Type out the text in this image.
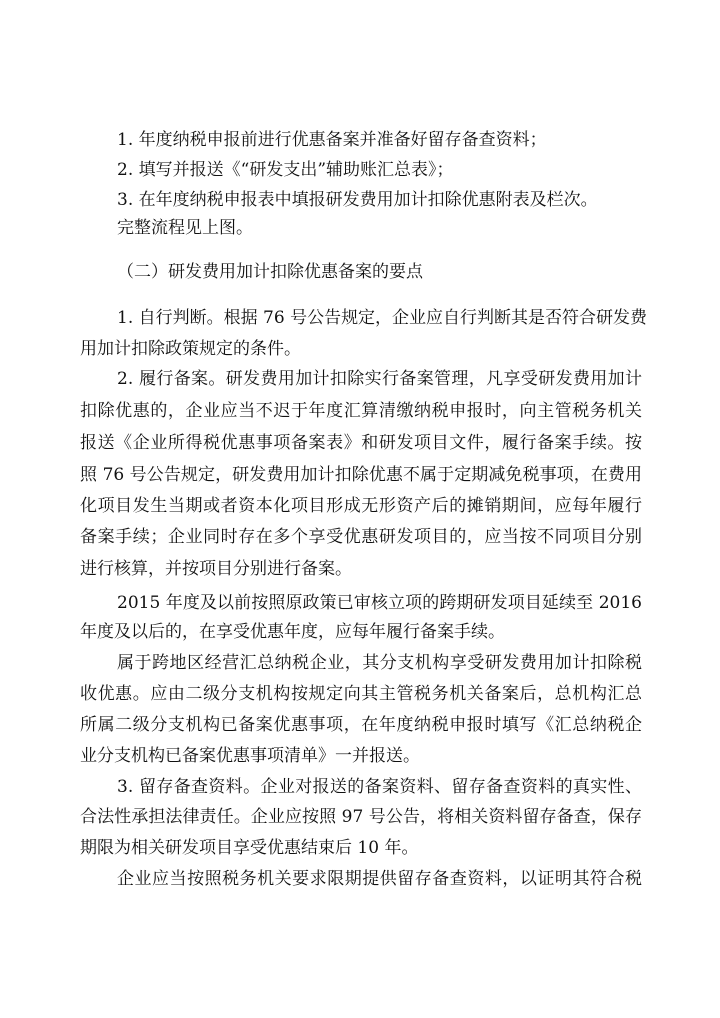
1. 年度纳税申报前进行优惠备案并准备好留存备查资料；
2. 填写并报送《“研发支出”辅助账汇总表》；
3. 在年度纳税申报表中填报研发费用加计扣除优惠附表及栏次。
完整流程见上图。
（二）研发费用加计扣除优惠备案的要点
1. 自行判断。根据 76 号公告规定，企业应自行判断其是否符合研发费
用加计扣除政策规定的条件。
2. 履行备案。研发费用加计扣除实行备案管理，凡享受研发费用加计
扣除优惠的，企业应当不迟于年度汇算清缴纳税申报时，向主管税务机关
报送《企业所得税优惠事项备案表》和研发项目文件，履行备案手续。按
照 76 号公告规定，研发费用加计扣除优惠不属于定期减免税事项，在费用
化项目发生当期或者资本化项目形成无形资产后的摊销期间，应每年履行
备案手续；企业同时存在多个享受优惠研发项目的，应当按不同项目分别
进行核算，并按项目分别进行备案。
2015 年度及以前按照原政策已审核立项的跨期研发项目延续至 2016
年度及以后的，在享受优惠年度，应每年履行备案手续。
属于跨地区经营汇总纳税企业，其分支机构享受研发费用加计扣除税
收优惠。应由二级分支机构按规定向其主管税务机关备案后，总机构汇总
所属二级分支机构已备案优惠事项，在年度纳税申报时填写《汇总纳税企
业分支机构已备案优惠事项清单》一并报送。
3. 留存备查资料。企业对报送的备案资料、留存备查资料的真实性、
合法性承担法律责任。企业应按照 97 号公告，将相关资料留存备查，保存
期限为相关研发项目享受优惠结束后 10 年。
企业应当按照税务机关要求限期提供留存备查资料，以证明其符合税
